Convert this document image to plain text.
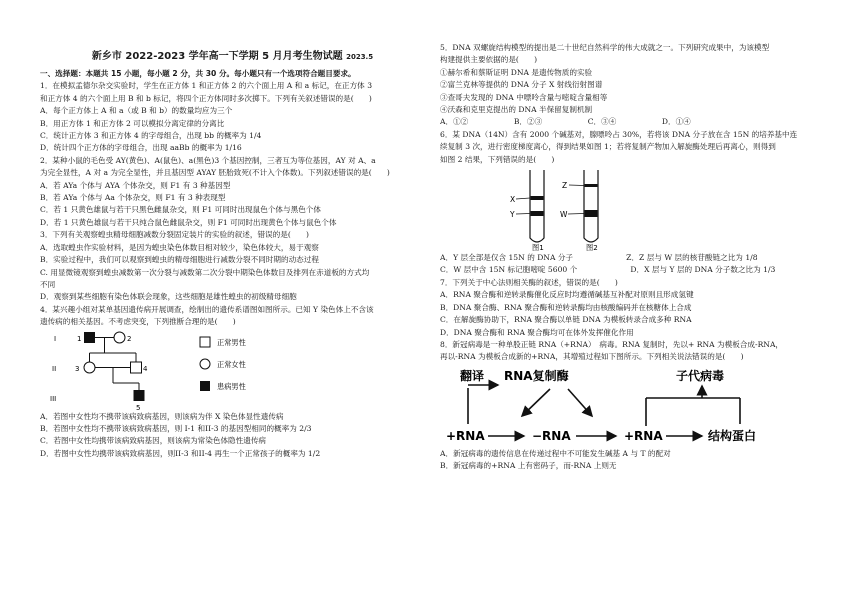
新乡市 2022-2023 学年高一下学期 5 月月考生物试题 2023.5
一、选择题：本题共 15 小题，每小题 2 分，共 30 分。每小题只有一个选项符合题目要求。
1．在模拟孟德尔杂交实验时，学生在正方体 1 和正方体 2 的六个面上用 A 和 a 标记，在正方体 3
和正方体 4 的六个面上用 B 和 b 标记，将四个正方体同时多次掷下。下列有关叙述错误的是(　　)
A．每个正方体上 A 和 a（或 B 和 b）的数量均应为三个
B．用正方体 1 和正方体 2 可以模拟分离定律的分离比
C．统计正方体 3 和正方体 4 的字母组合，出现 bb 的概率为 1/4
D．统计四个正方体的字母组合，出现 aaBb 的概率为 1/16
2．某种小鼠的毛色受 AY(黄色)、A(鼠色)、a(黑色)3 个基因控制，三者互为等位基因，AY 对 A、a
为完全显性，A 对 a 为完全显性，并且基因型 AYAY 胚胎致死(不计入个体数)。下列叙述错误的是(　　)
A．若 AYa 个体与 AYA 个体杂交，则 F1 有 3 种基因型
B．若 AYa 个体与 Aa 个体杂交，则 F1 有 3 种表现型
C．若 1 只黄色雄鼠与若干只黑色雌鼠杂交，则 F1 可同时出现鼠色个体与黑色个体
D．若 1 只黄色雄鼠与若干只纯合鼠色雌鼠杂交，则 F1 可同时出现黄色个体与鼠色个体
3．下列有关观察蝗虫精母细胞减数分裂固定装片的实验的叙述，错误的是(　　)
A．选取蝗虫作实验材料，是因为蝗虫染色体数目相对较少，染色体较大，易于观察
B．实验过程中，我们可以观察到蝗虫的精母细胞进行减数分裂不同时期的动态过程
C. 用显微镜观察到蝗虫减数第一次分裂与减数第二次分裂中期染色体数目及排列在赤道板的方式均
不同
D．观察到某些细胞有染色体联会现象，这些细胞是雄性蝗虫的初级精母细胞
4．某兴趣小组对某单基因遗传病开展调查，绘制出的遗传系谱图如图所示。已知 Y 染色体上不含该
遗传病的相关基因。不考虑突变，下列推断合理的是(　　)
I
II
III
1	2
3	4
5
正常男性
正常女性
患病男性
A．若图中女性均不携带该病致病基因，则该病为伴 X 染色体显性遗传病
B．若图中女性均不携带该病致病基因，则 I-1 和II-3 的基因型相同的概率为 2/3
C．若图中女性均携带该病致病基因，则该病为常染色体隐性遗传病
D．若图中女性均携带该病致病基因，则II-3 和II-4 再生一个正常孩子的概率为 1/2
5．DNA 双螺旋结构模型的提出是二十世纪自然科学的伟大成就之一。下列研究成果中，为该模型
构建提供主要依据的是(　　)
①赫尔希和蔡斯证明 DNA 是遗传物质的实验
②富兰克林等提供的 DNA 分子 X 射线衍射图谱
③查哥夫发现的 DNA 中嘌呤含量与嘧啶含量相等
④沃森和克里克提出的 DNA 半保留复制机制
A．①②　　　　　　B．②③　　　　　　C．③④　　　　　　D．①④
6．某 DNA（14N）含有 2000 个碱基对，腺嘌呤占 30%，若将该 DNA 分子放在含 15N 的培养基中连
续复制 3 次，进行密度梯度离心，得到结果如图 1；若将复制产物加入解旋酶处理后再离心，则得到
如图 2 结果，下列错误的是(　　)
X
Y
图1
Z
W
图2
A．Y 层全部是仅含 15N 的 DNA 分子　　　　　　　Z．Z 层与 W 层的核苷酸链之比为 1/8
C．W 层中含 15N 标记胞嘧啶 5600 个　　　　　　　D．X 层与 Y 层的 DNA 分子数之比为 1/3
7．下列关于中心法则相关酶的叙述，错误的是(　　)
A．RNA 聚合酶和逆转录酶催化反应时均遵循碱基互补配对原则且形成氢键
B．DNA 聚合酶、RNA 聚合酶和逆转录酶均由核酸编码并在核糖体上合成
C．在解旋酶协助下，RNA 聚合酶以单链 DNA 为模板转录合成多种 RNA
D．DNA 聚合酶和 RNA 聚合酶均可在体外发挥催化作用
8．新冠病毒是一种单股正链 RNA（+RNA）　病毒。RNA 复制时，先以+ RNA 为模板合成-RNA，
再以-RNA 为模板合成新的+RNA，其增殖过程如下图所示。下列相关说法错误的是(　　)
翻译 RNA复制酶
+RNA	−RNA	+RNA	结构蛋白
子代病毒
A．新冠病毒的遗传信息在传递过程中不可能发生碱基 A 与 T 的配对
B．新冠病毒的+RNA 上有密码子，而-RNA 上则无
